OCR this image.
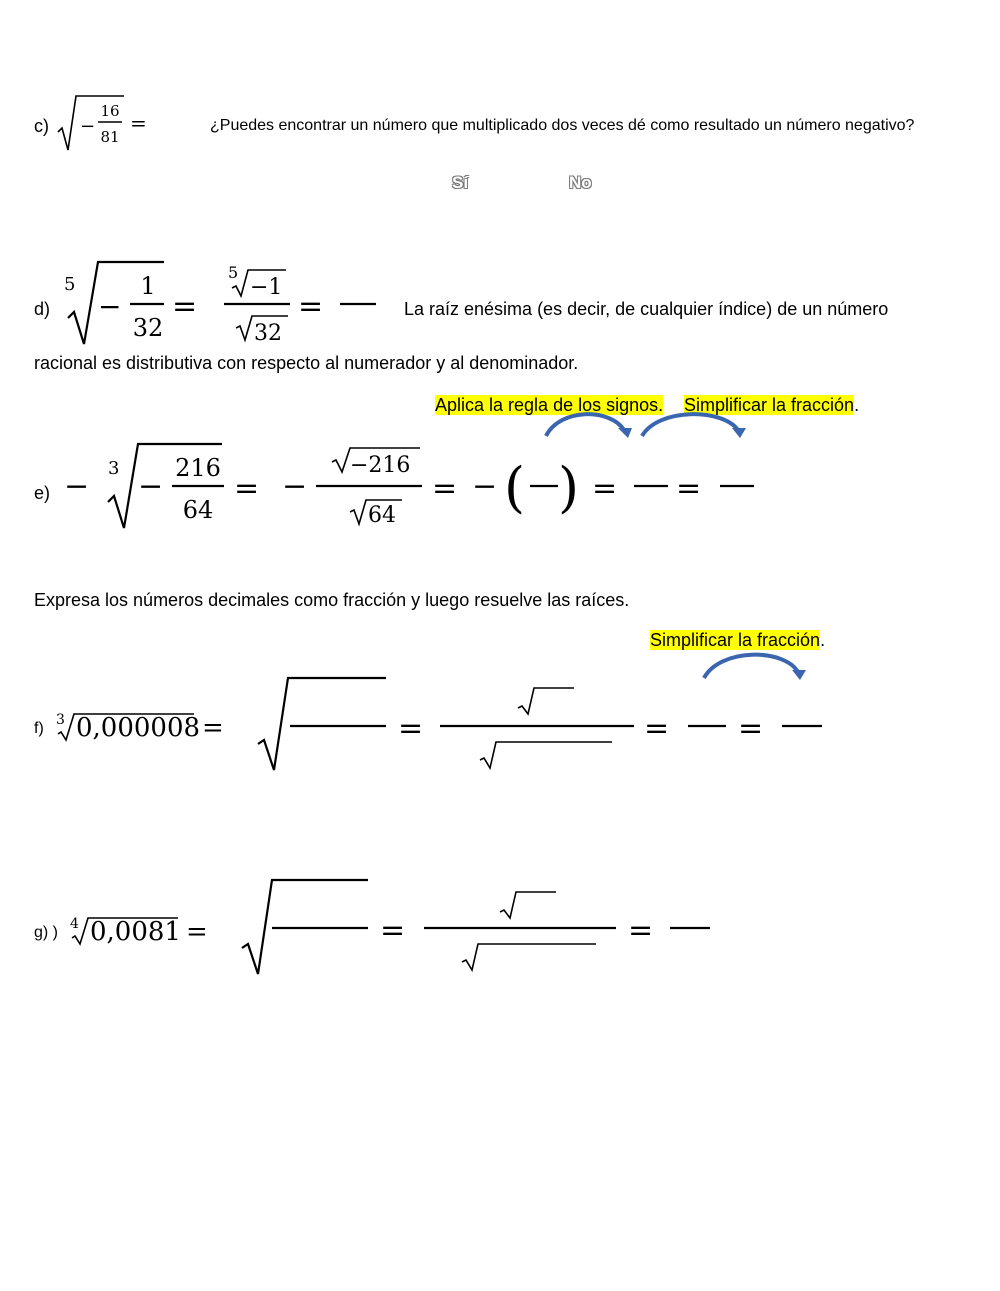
c) −
16
81
=	¿Puedes encontrar un número que multiplicado dos veces dé como resultado un número negativo?
Sí	No
d)
5
−
1
32
=
5
−1
32
=	La raíz enésima (es decir, de cualquier índice) de un número
racional es distributiva con respecto al numerador y al denominador.
Aplica la regla de los signos. Simplificar la fracción.
e) −
3
−
216
64
= −
−216
64
= − ( ) = =
Expresa los números decimales como fracción y luego resuelve las raíces.
Simplificar la fracción.
f) 3 0,000008 =	=	= =
g) ) 4 0,0081 =	=	=
